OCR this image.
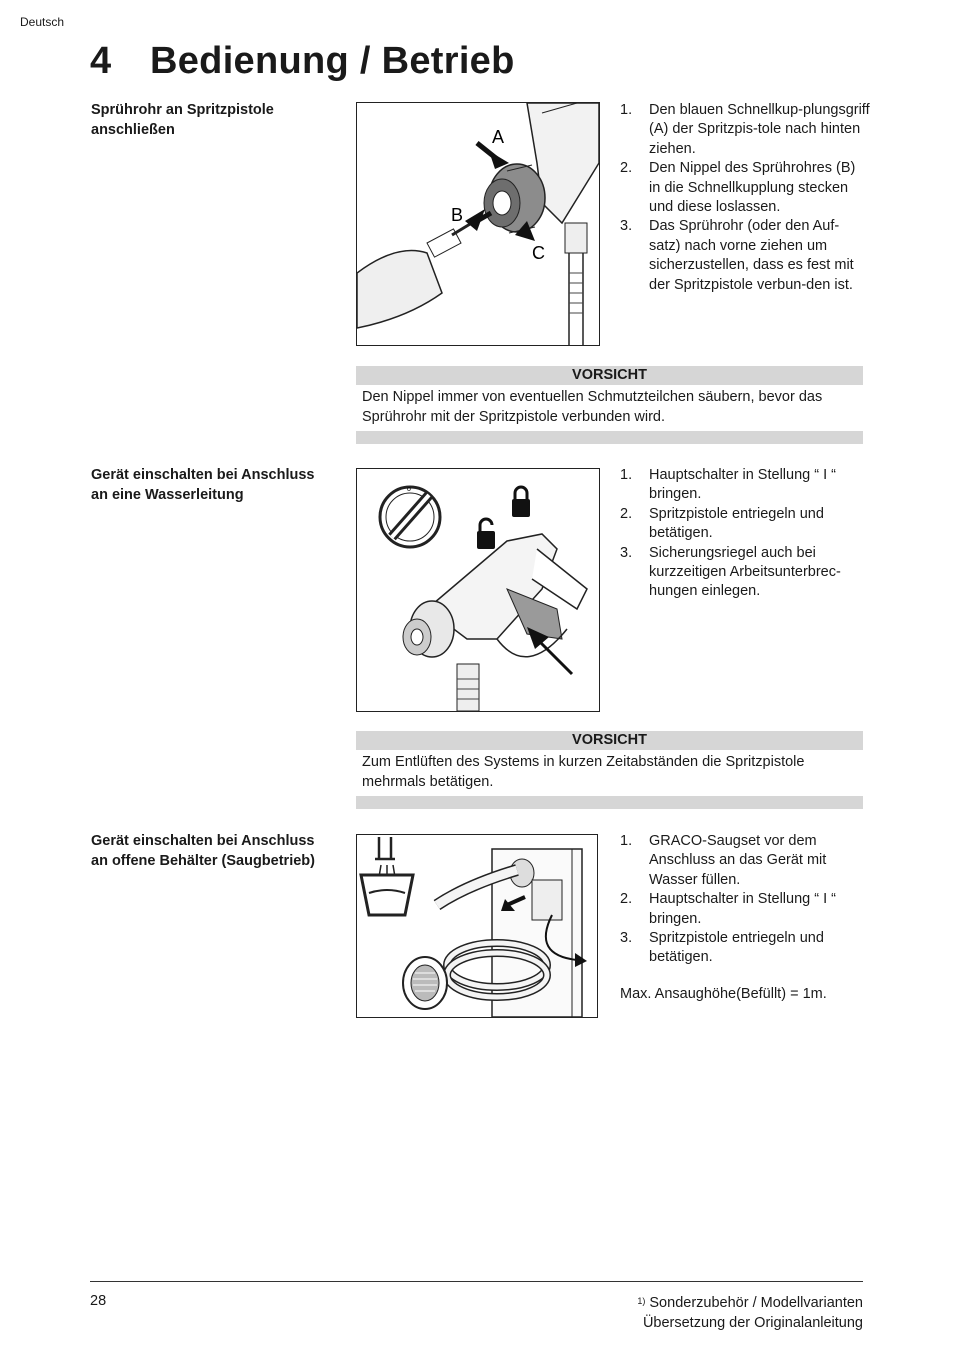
Deutsch
4 Bedienung / Betrieb
Sprührohr an Spritzpistole anschließen	A
B
C
1. Den blauen Schnellkup-plungsgriff (A) der Spritzpis-tole nach hinten ziehen.
2. Den Nippel des Sprührohres (B) in die Schnellkupplung stecken und diese loslassen.
3. Das Sprührohr (oder den Auf-satz) nach vorne ziehen um sicherzustellen, dass es fest mit der Spritzpistole verbun-den ist.
VORSICHT
Den Nippel immer von eventuellen Schmutzteilchen säubern, bevor das Sprührohr mit der Spritzpistole verbunden wird.
Gerät einschalten bei Anschluss an eine Wasserleitung	o
1. Hauptschalter in Stellung “ I “ bringen.
2. Spritzpistole entriegeln und betätigen.
3. Sicherungsriegel auch bei kurzzeitigen Arbeitsunterbrec-hungen einlegen.
VORSICHT
Zum Entlüften des Systems in kurzen Zeitabständen die Spritzpistole mehrmals betätigen.
Gerät einschalten bei Anschluss an offene Behälter (Saugbetrieb)
1. GRACO-Saugset vor dem Anschluss an das Gerät mit Wasser füllen.
2. Hauptschalter in Stellung “ I “ bringen.
3. Spritzpistole entriegeln und betätigen.
Max. Ansaughöhe(Befüllt) = 1m.
28	$^{1)}$ Sonderzubehör / Modellvarianten
Übersetzung der Originalanleitung
